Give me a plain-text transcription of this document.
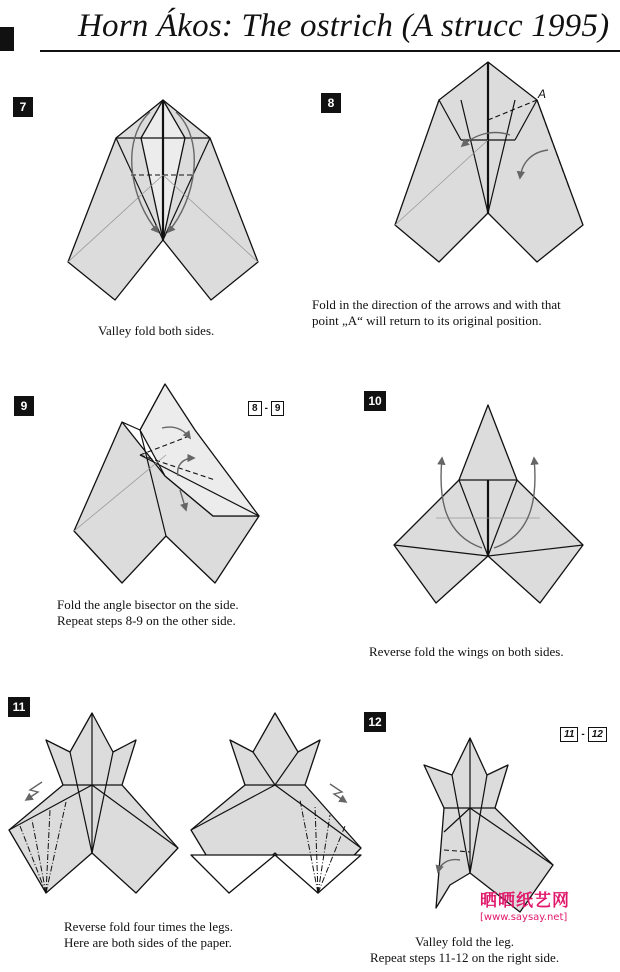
Horn Ákos: The ostrich (A strucc 1995)
7	8
9	10
11
12
8 - 9
11 - 12
A
Valley fold both sides.
Fold in the direction of the arrows and with that
point „A“ will return to its original position.
Fold the angle bisector on the side.
Repeat steps 8-9 on the other side.
Reverse fold the wings on both sides.
Reverse fold four times the legs.
Here are both sides of the paper.	Valley fold the leg.
Repeat steps 11-12 on the right side.
晒晒纸艺网
[www.saysay.net]
